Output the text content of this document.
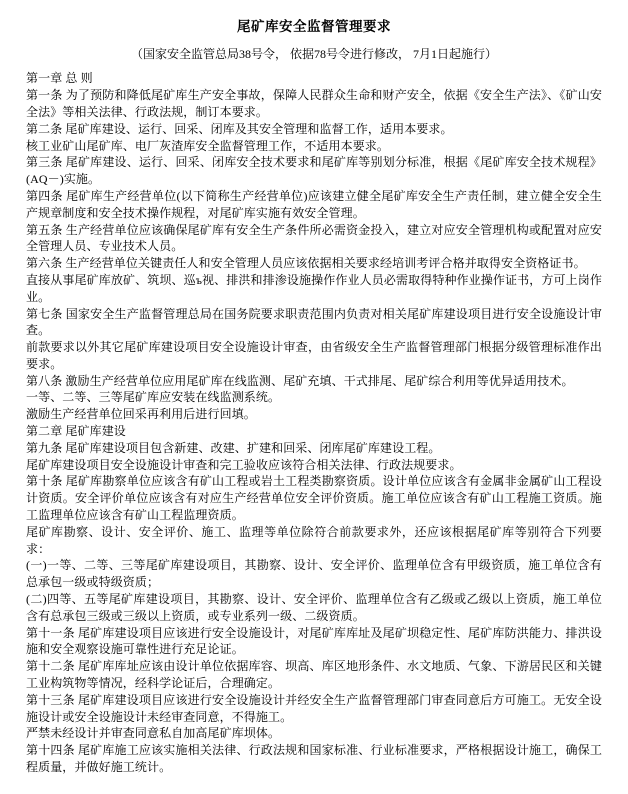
尾矿库安全监督管理要求
（国家安全监管总局38号令， 依据78号令进行修改， 7月1日起施行）

第一章 总 则

第一条 为了预防和降低尾矿库生产安全事故，保障人民群众生命和财产安全，依据《安全生产法》、《矿山安全法》等相关法律、行政法规，制订本要求。

第二条 尾矿库建设、运行、回采、闭库及其安全管理和监督工作，适用本要求。

核工业矿山尾矿库、电厂灰渣库安全监督管理工作，不适用本要求。

第三条 尾矿库建设、运行、回采、闭库安全技术要求和尾矿库等别划分标准，根据《尾矿库安全技术规程》(AQ－)实施。

第四条 尾矿库生产经营单位(以下简称生产经营单位)应该建立健全尾矿库安全生产责任制，建立健全安全生产规章制度和安全技术操作规程，对尾矿库实施有效安全管理。

第五条 生产经营单位应该确保尾矿库有安全生产条件所必需资金投入，建立对应安全管理机构或配置对应安全管理人员、专业技术人员。

第六条 生产经营单位关键责任人和安全管理人员应该依据相关要求经培训考评合格并取得安全资格证书。

直接从事尾矿库放矿、筑坝、巡ъ视、排洪和排渗设施操作作业人员必需取得特种作业操作证书，方可上岗作业。

第七条 国家安全生产监督管理总局在国务院要求职责范围内负责对相关尾矿库建设项目进行安全设施设计审查。

前款要求以外其它尾矿库建设项目安全设施设计审查，由省级安全生产监督管理部门根据分级管理标准作出要求。

第八条 激励生产经营单位应用尾矿库在线监测、尾矿充填、干式排尾、尾矿综合利用等优异适用技术。

一等、二等、三等尾矿库应安装在线监测系统。

激励生产经营单位回采再利用后进行回填。

第二章 尾矿库建设

第九条 尾矿库建设项目包含新建、改建、扩建和回采、闭库尾矿库建设工程。

尾矿库建设项目安全设施设计审查和完工验收应该符合相关法律、行政法规要求。

第十条 尾矿库勘察单位应该含有矿山工程或岩土工程类勘察资质。设计单位应该含有金属非金属矿山工程设计资质。安全评价单位应该含有对应生产经营单位安全评价资质。施工单位应该含有矿山工程施工资质。施工监理单位应该含有矿山工程监理资质。

尾矿库勘察、设计、安全评价、施工、监理等单位除符合前款要求外，还应该根据尾矿库等别符合下列要求：

(一)一等、二等、三等尾矿库建设项目，其勘察、设计、安全评价、监理单位含有甲级资质，施工单位含有总承包一级或特级资质；

(二)四等、五等尾矿库建设项目，其勘察、设计、安全评价、监理单位含有乙级或乙级以上资质，施工单位含有总承包三级或三级以上资质，或专业系列一级、二级资质。

第十一条 尾矿库建设项目应该进行安全设施设计，对尾矿库库址及尾矿坝稳定性、尾矿库防洪能力、排洪设施和安全观察设施可靠性进行充足论证。

第十二条 尾矿库库址应该由设计单位依据库容、坝高、库区地形条件、水文地质、气象、下游居民区和关键工业构筑物等情况，经科学论证后，合理确定。

第十三条 尾矿库建设项目应该进行安全设施设计并经安全生产监督管理部门审查同意后方可施工。无安全设施设计或安全设施设计未经审查同意，不得施工。

严禁未经设计并审查同意私自加高尾矿库坝体。

第十四条 尾矿库施工应该实施相关法律、行政法规和国家标准、行业标准要求，严格根据设计施工，确保工程质量，并做好施工统计。
